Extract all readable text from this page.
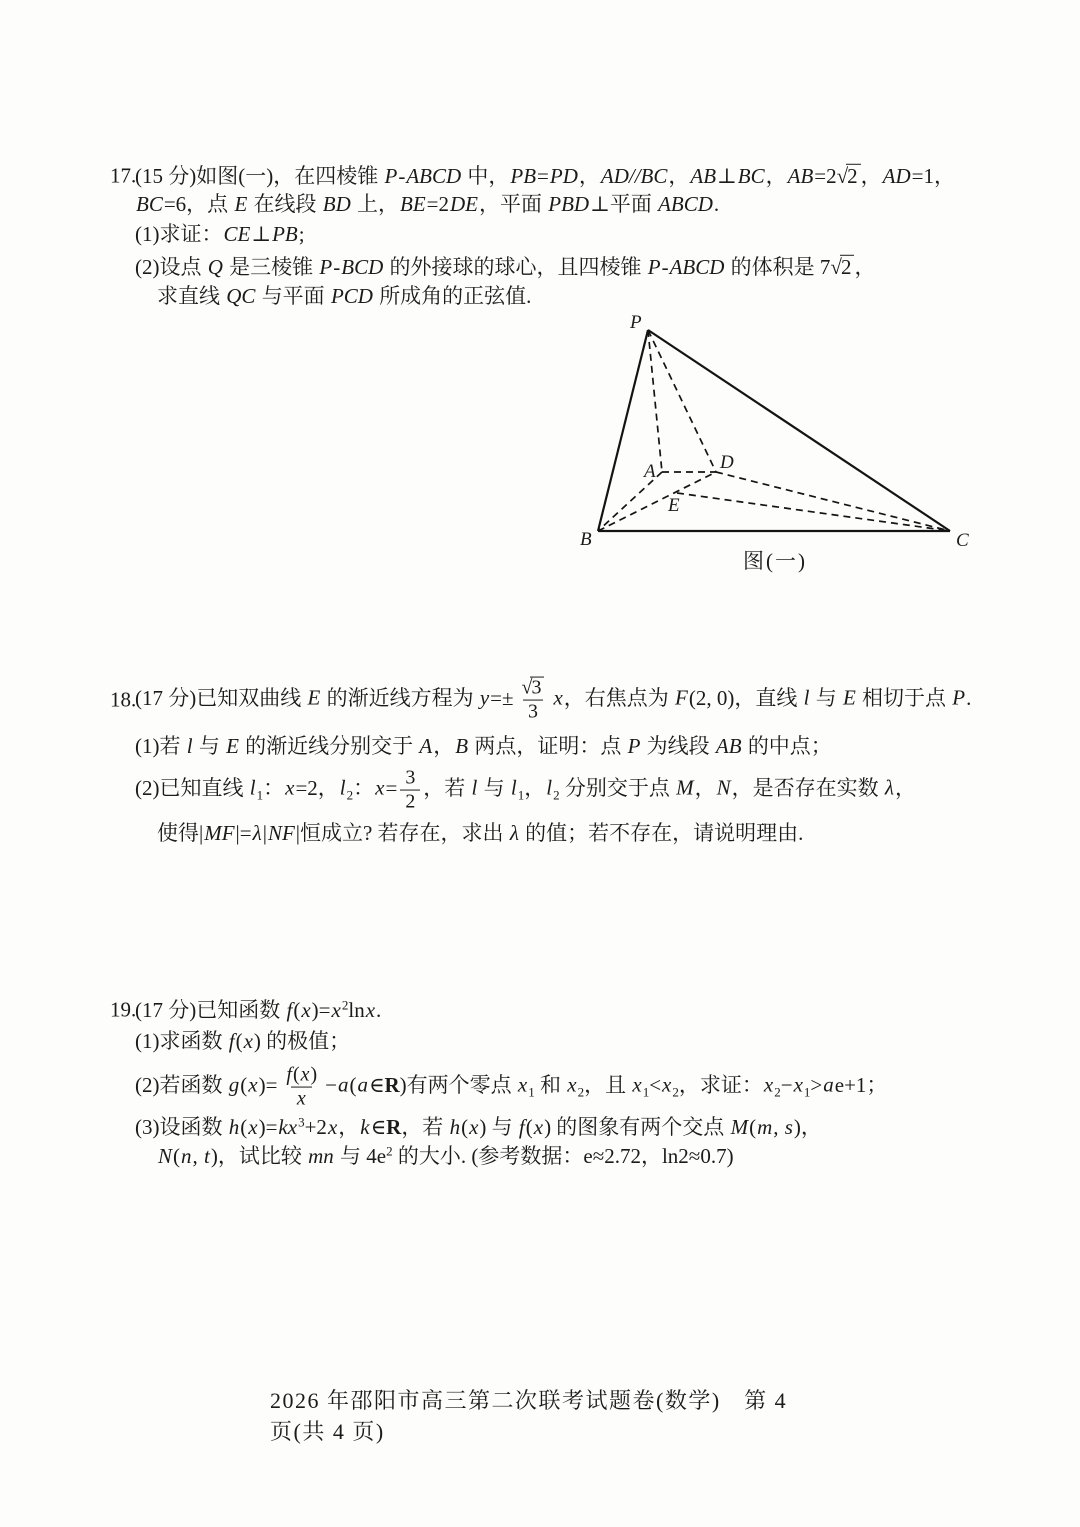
17.
(15 分)如图(一)，在四棱锥 P-ABCD 中，PB=PD，AD//BC，AB⊥BC，AB=2√2 ，AD=1，
BC=6，点 E 在线段 BD 上，BE=2DE，平面 PBD⊥平面 ABCD.
(1)求证：CE⊥PB;
(2)设点 Q 是三棱锥 P-BCD 的外接球的球心，且四棱锥 P-ABCD 的体积是 7√2 ，
求直线 QC 与平面 PCD 所成角的正弦值.
P
B	C
A	D
E
图(一)
18.
(17 分)已知双曲线 E 的渐近线方程为 $y=\pm \frac{√3}{3}$ x，右焦点为 F(2, 0)，直线 l 与 E 相切于点 P.
(1)若 l 与 E 的渐近线分别交于 A，B 两点，证明：点 P 为线段 AB 的中点；
(2)已知直线 $l_1$：x=2，$l_2$：$x= \frac{3}{2}$ ，若 l 与 $l_1$，$l_2$ 分别交于点 M，N，是否存在实数 λ，
使得|MF|=λ|NF|恒成立? 若存在，求出 λ 的值；若不存在，请说明理由.
19.
(17 分)已知函数 $f(x)=x^2\ln x$.
(1)求函数 f(x) 的极值；
(2)若函数 $g(x)= \frac{f(x)}{x}$ −a(a∈R)有两个零点 $x_1$ 和 $x_2$，且 $x_1<x_2$，求证：$x_2-x_1>ae+1$；
(3)设函数 $h(x)=kx^3+2x$，k∈R，若 h(x) 与 f(x) 的图象有两个交点 M(m, s)，
N(n, t)，试比较 mn 与 $4e^2$ 的大小. (参考数据：e≈2.72，ln2≈0.7)
2026 年邵阳市高三第二次联考试题卷(数学)　第 4 页(共 4 页)
